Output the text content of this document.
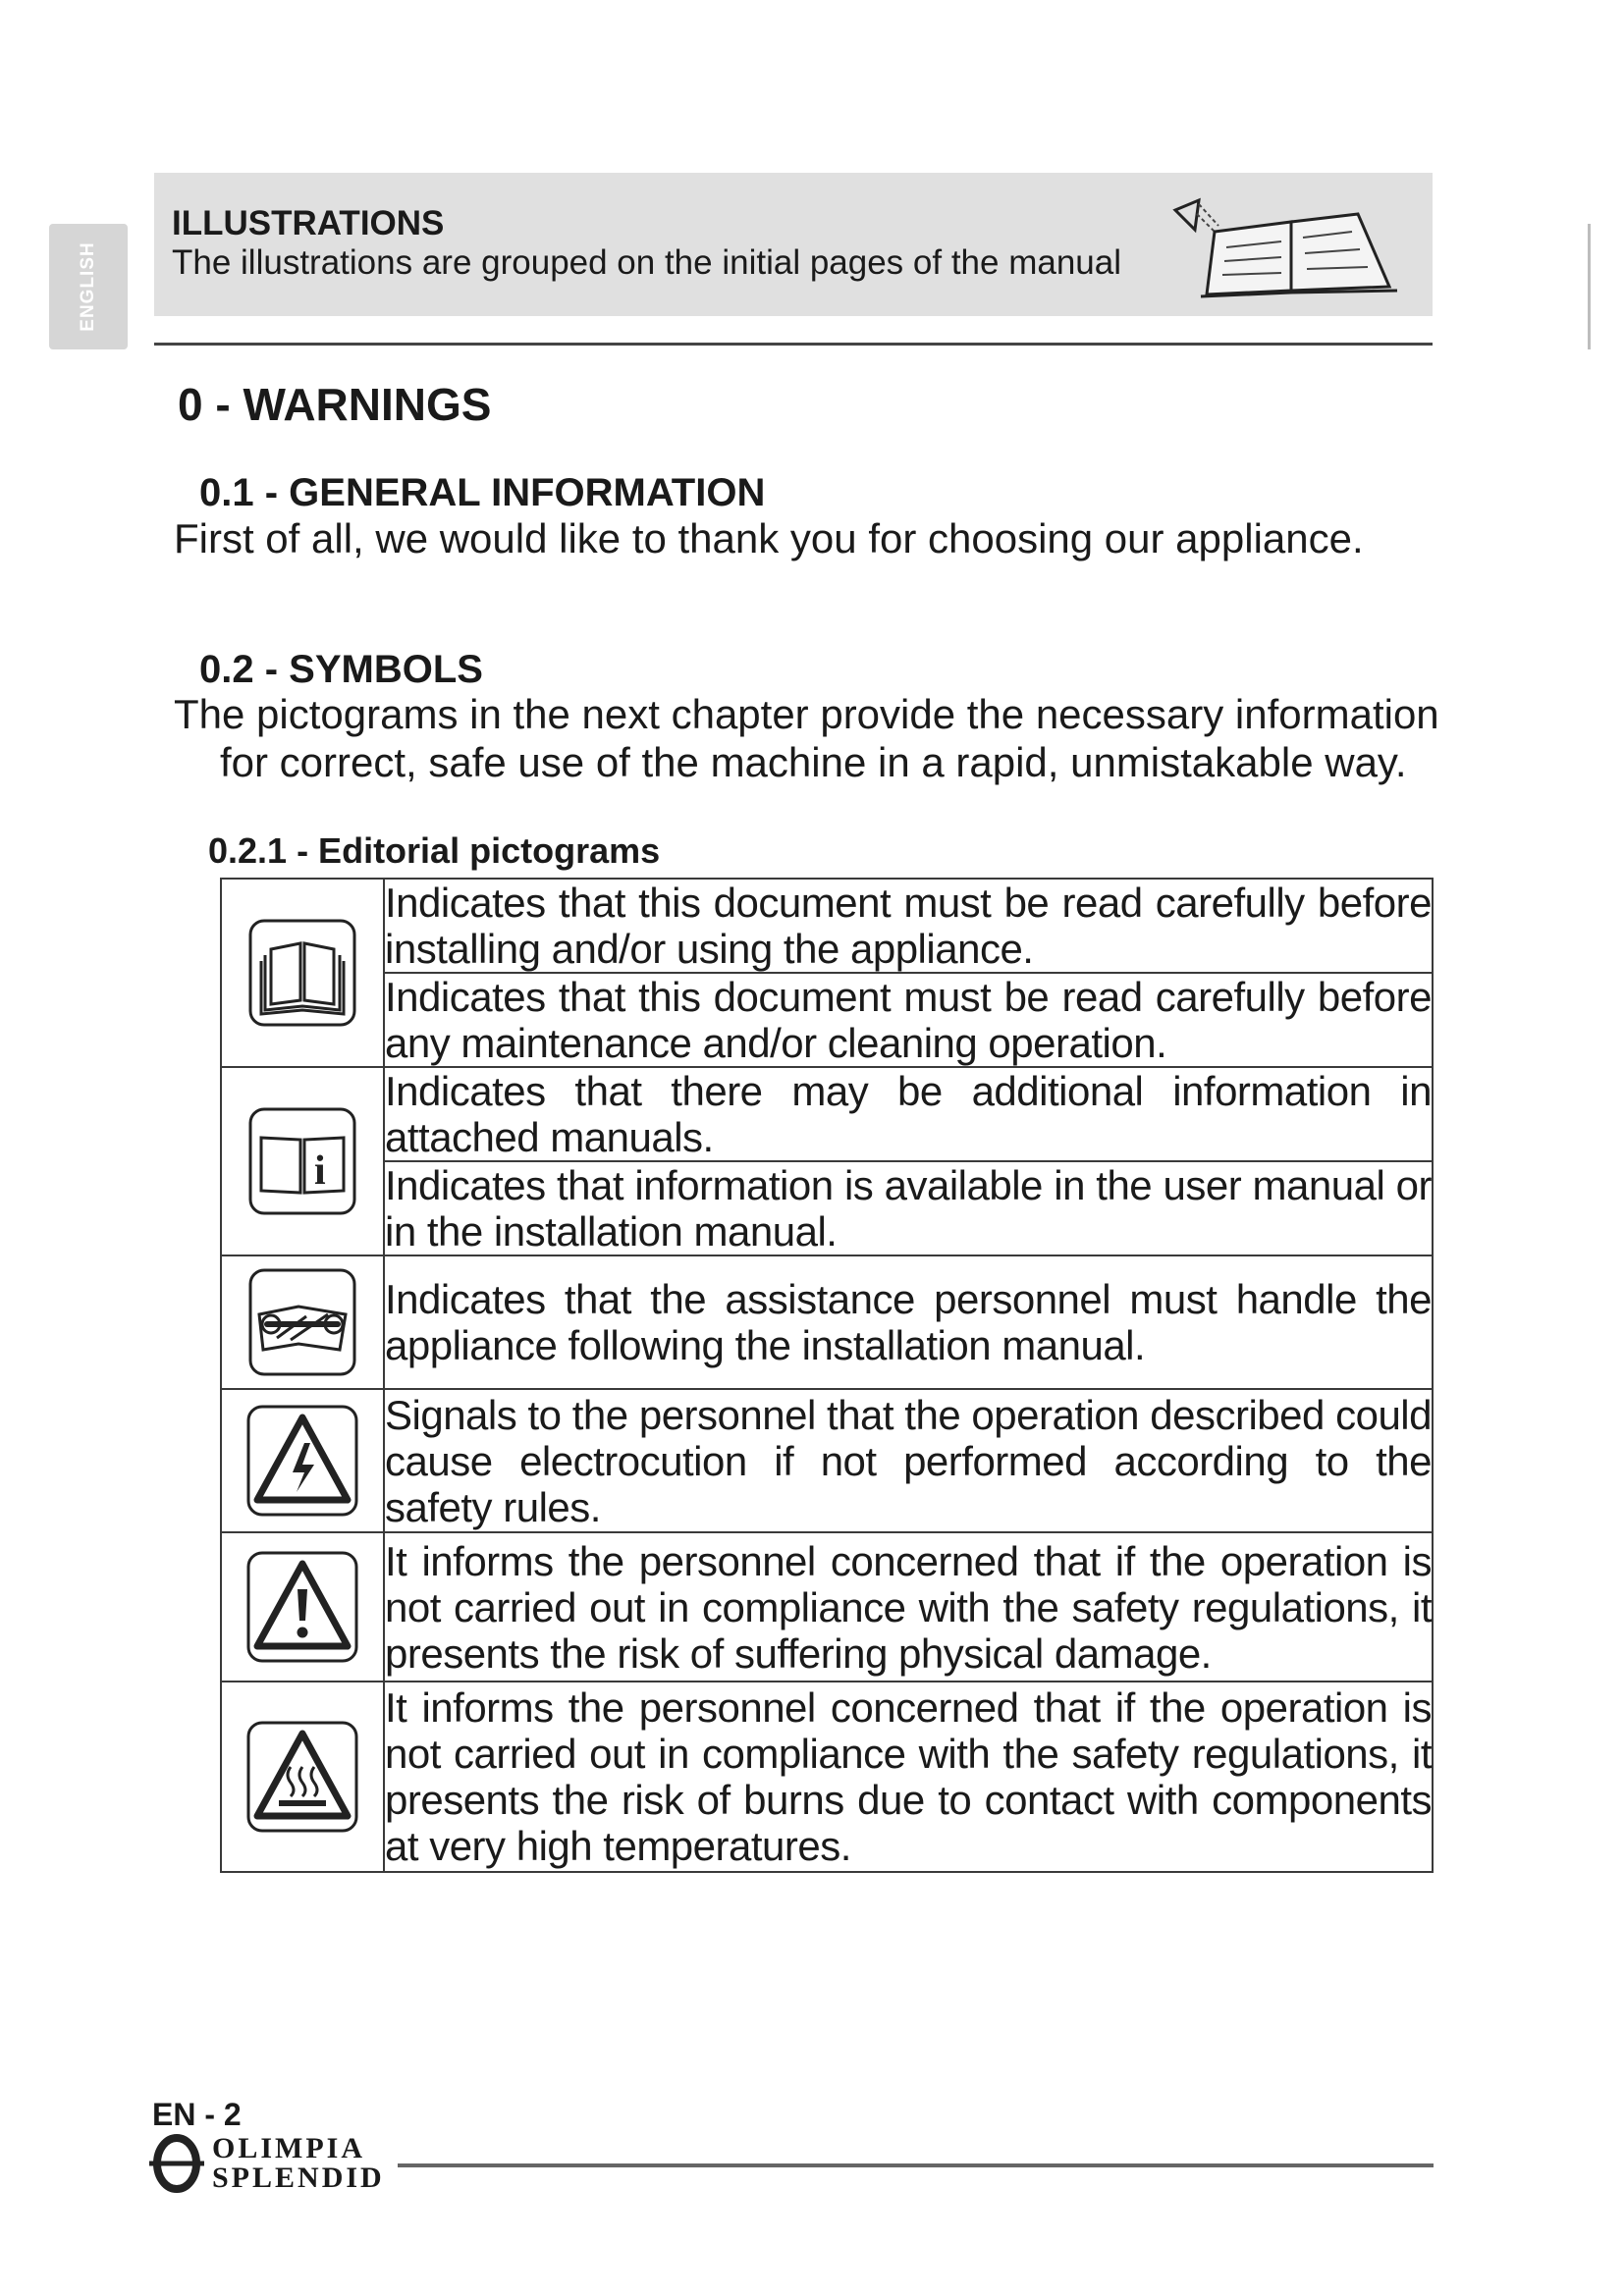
ENGLISH
ILLUSTRATIONS
The illustrations are grouped on the initial pages of the manual
0 - WARNINGS
0.1 - GENERAL INFORMATION
First of all, we would like to thank you for choosing our appliance.
0.2 - SYMBOLS
The pictograms in the next chapter provide the necessary information
for correct, safe use of the machine in a rapid, unmistakable way.
0.2.1 - Editorial pictograms
	Indicates that this document must be read carefully before installing and/or using the appliance.
	Indicates that this document must be read carefully before any maintenance and/or cleaning operation.

i	Indicates that there may be additional information in attached manuals.
	Indicates that information is available in the user manual or in the installation manual.

	Indicates that the assistance personnel must handle the appliance following the installation manual.

	Signals to the personnel that the operation described could cause electrocution if not performed according to the safety rules.

	It informs the personnel concerned that if the operation is not carried out in compliance with the safety regulations, it presents the risk of suffering physical damage.

	It informs the personnel concerned that if the operation is not carried out in compliance with the safety regulations, it presents the risk of burns due to contact with components at very high temperatures.
EN - 2
OLIMPIA
SPLENDID
